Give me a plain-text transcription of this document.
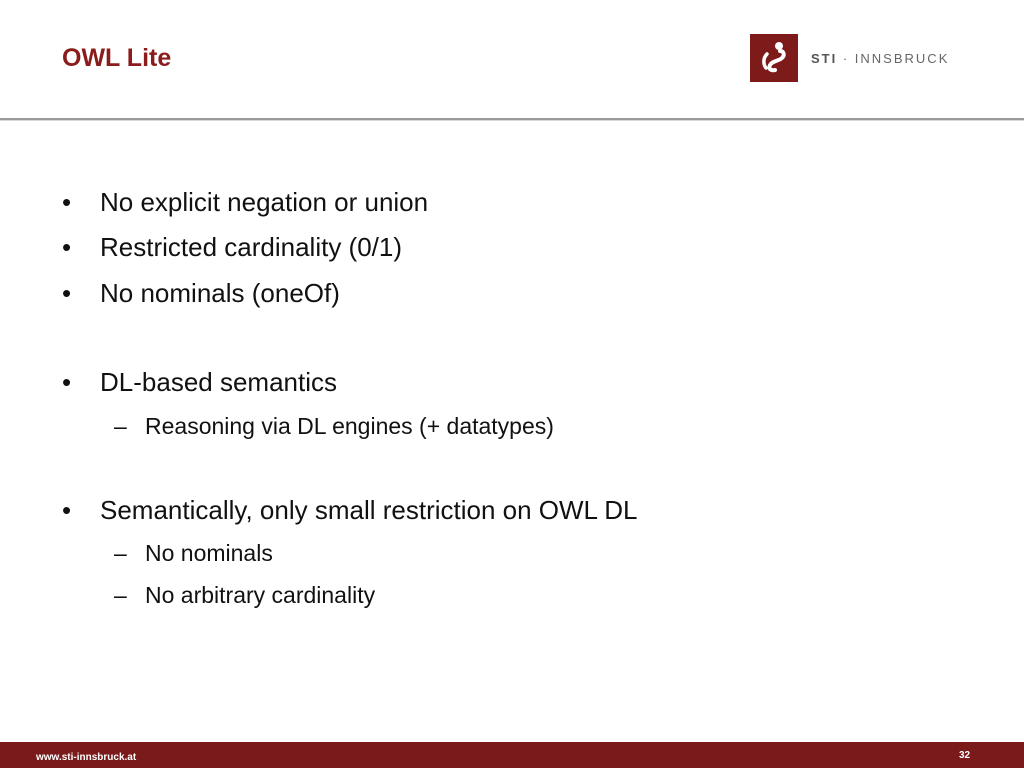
OWL Lite	STI · INNSBRUCK
•	No explicit negation or union
•	Restricted cardinality (0/1)
•	No nominals (oneOf)
•	DL-based semantics
– Reasoning via DL engines (+ datatypes)
•	Semantically, only small restriction on OWL DL
– No nominals
– No arbitrary cardinality
www.sti-innsbruck.at	32
